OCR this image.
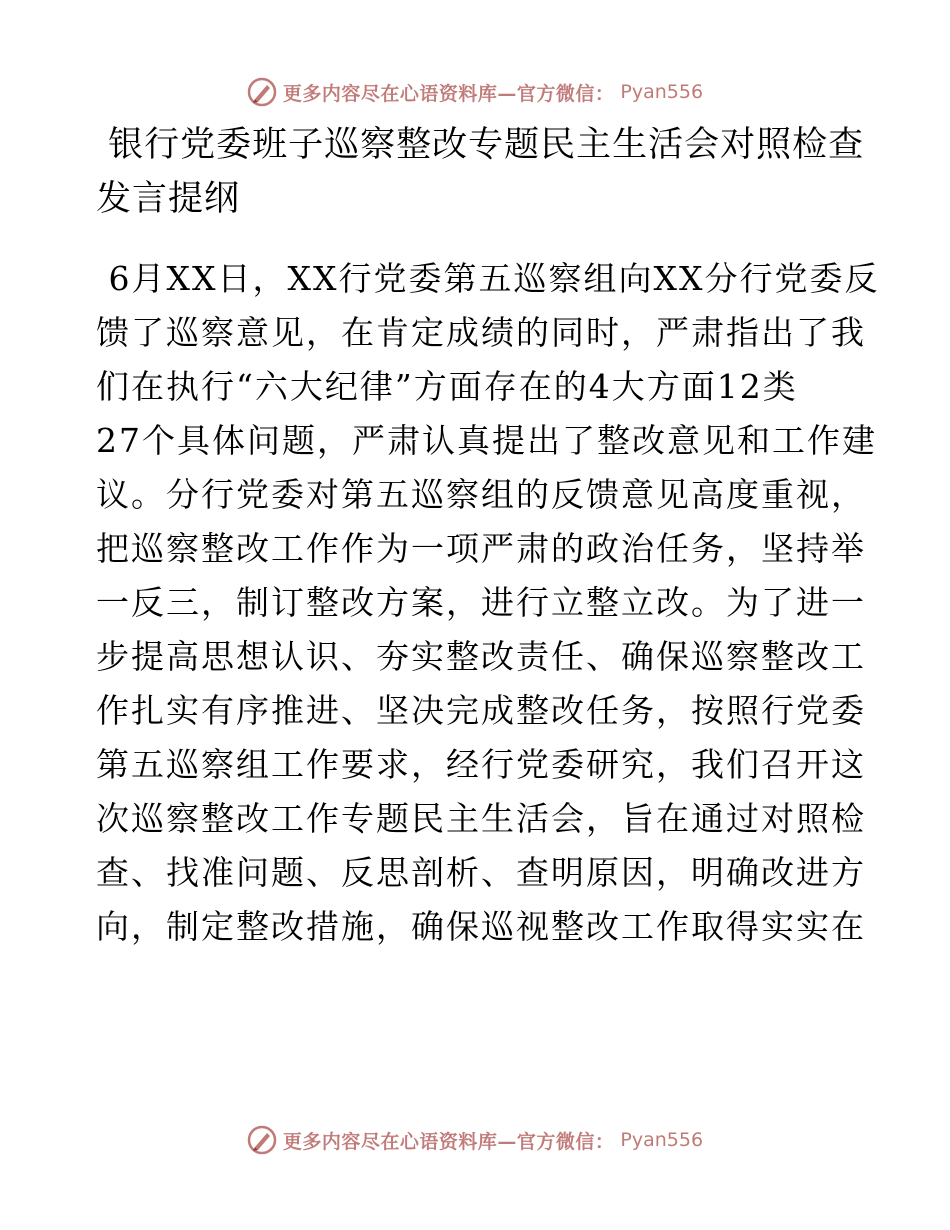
更多内容尽在心语资料库—官方微信： Pyan556
银行党委班子巡察整改专题民主生活会对照检查
发言提纲
6月XX日，XX行党委第五巡察组向XX分行党委反
馈了巡察意见，在肯定成绩的同时，严肃指出了我
们在执行“六大纪律”方面存在的4大方面12类
27个具体问题，严肃认真提出了整改意见和工作建
议。分行党委对第五巡察组的反馈意见高度重视，
把巡察整改工作作为一项严肃的政治任务，坚持举
一反三，制订整改方案，进行立整立改。为了进一
步提高思想认识、夯实整改责任、确保巡察整改工
作扎实有序推进、坚决完成整改任务，按照行党委
第五巡察组工作要求，经行党委研究，我们召开这
次巡察整改工作专题民主生活会，旨在通过对照检
查、找准问题、反思剖析、查明原因，明确改进方
向，制定整改措施，确保巡视整改工作取得实实在
更多内容尽在心语资料库—官方微信： Pyan556
